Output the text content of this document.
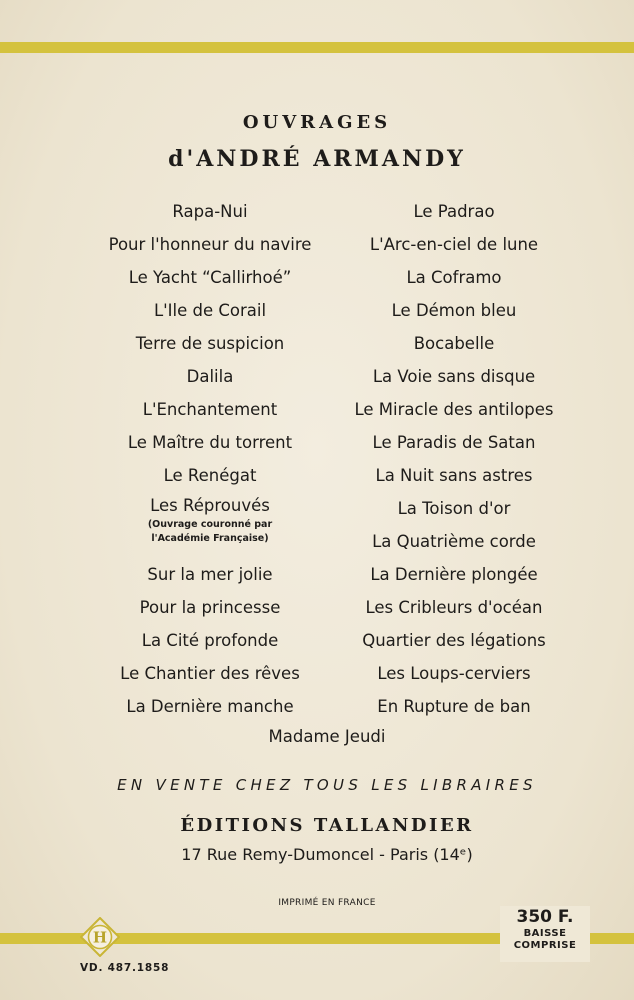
OUVRAGES
d'ANDRÉ ARMANDY
Rapa-Nui
Pour l'honneur du navire
Le Yacht “Callirhoé”
L'Ile de Corail
Terre de suspicion
Dalila
L'Enchantement
Le Maître du torrent
Le Renégat
Les Réprouvés
(Ouvrage couronné par
l'Académie Française)
Sur la mer jolie
Pour la princesse
La Cité profonde
Le Chantier des rêves
La Dernière manche
Le Padrao
L'Arc-en-ciel de lune
La Coframo
Le Démon bleu
Bocabelle
La Voie sans disque
Le Miracle des antilopes
Le Paradis de Satan
La Nuit sans astres
La Toison d'or
La Quatrième corde
La Dernière plongée
Les Cribleurs d'océan
Quartier des légations
Les Loups-cerviers
En Rupture de ban
Madame Jeudi
EN VENTE CHEZ TOUS LES LIBRAIRES
ÉDITIONS TALLANDIER
17 Rue Remy-Dumoncel - Paris (14ᵉ)
IMPRIMÉ EN FRANCE
H
350 F.
BAISSE
COMPRISE
VD. 487.1858
